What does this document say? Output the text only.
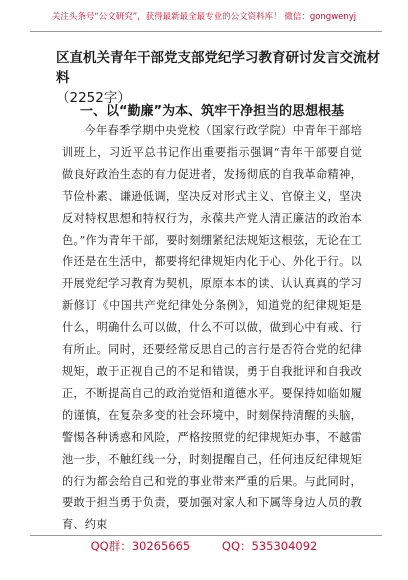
关注头条号“公文研究”，获得最新最全最专业的公文资料库！ 微信：gongwenyj
区直机关青年干部党支部党纪学习教育研讨发言交流材料
（2252字）
一、以“勤廉”为本、筑牢干净担当的思想根基
今年春季学期中央党校（国家行政学院）中青年干部培训班上，习近平总书记作出重要指示强调“青年干部要自觉做良好政治生态的有力促进者，发扬彻底的自我革命精神，节俭朴素、谦逊低调，坚决反对形式主义、官僚主义，坚决反对特权思想和特权行为，永葆共产党人清正廉洁的政治本色。”作为青年干部，要时刻绷紧纪法规矩这根弦，无论在工作还是在生活中，都要将纪律规矩内化于心、外化于行。以开展党纪学习教育为契机，原原本本的读、认认真真的学习新修订《中国共产党纪律处分条例》，知道党的纪律规矩是什么，明确什么可以做，什么不可以做，做到心中有戒、行有所止。同时，还要经常反思自己的言行是否符合党的纪律规矩，敢于正视自己的不足和错误，勇于自我批评和自我改正，不断提高自己的政治觉悟和道德水平。要保持如临如履的谨慎，在复杂多变的社会环境中，时刻保持清醒的头脑，警惕各种诱惑和风险，严格按照党的纪律规矩办事，不越雷池一步，不触红线一分，时刻提醒自己，任何违反纪律规矩的行为都会给自己和党的事业带来严重的后果。与此同时，要敢于担当勇于负责，要加强对家人和下属等身边人员的教育、约束
QQ群：30265665	QQ：535304092
